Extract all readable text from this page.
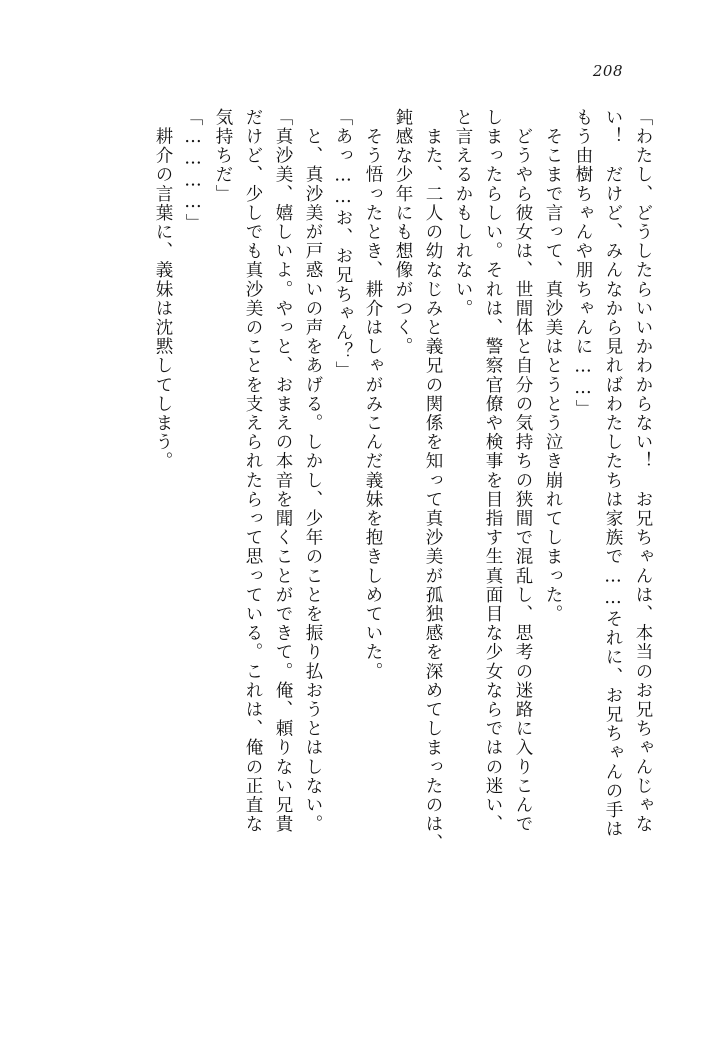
208
「わたし、どうしたらいいかわからない！　お兄ちゃんは、本当のお兄ちゃんじゃな
い！　だけど、みんなから見ればわたしたちは家族で……それに、お兄ちゃんの手は
もう由樹ちゃんや朋ちゃんに……」
　そこまで言って、真沙美はとうとう泣き崩れてしまった。
　どうやら彼女は、世間体と自分の気持ちの狭間で混乱し、思考の迷路に入りこんで
しまったらしい。それは、警察官僚や検事を目指す生真面目な少女ならではの迷い、
と言えるかもしれない。
　また、二人の幼なじみと義兄の関係を知って真沙美が孤独感を深めてしまったのは、
鈍感な少年にも想像がつく。
　そう悟ったとき、耕介はしゃがみこんだ義妹を抱きしめていた。
「あっ……お、お兄ちゃん？」
　と、真沙美が戸惑いの声をあげる。しかし、少年のことを振り払おうとはしない。
「真沙美、嬉しいよ。やっと、おまえの本音を聞くことができて。俺、頼りない兄貴
だけど、少しでも真沙美のことを支えられたらって思っている。これは、俺の正直な
気持ちだ」
「…………」
　耕介の言葉に、義妹は沈黙してしまう。
